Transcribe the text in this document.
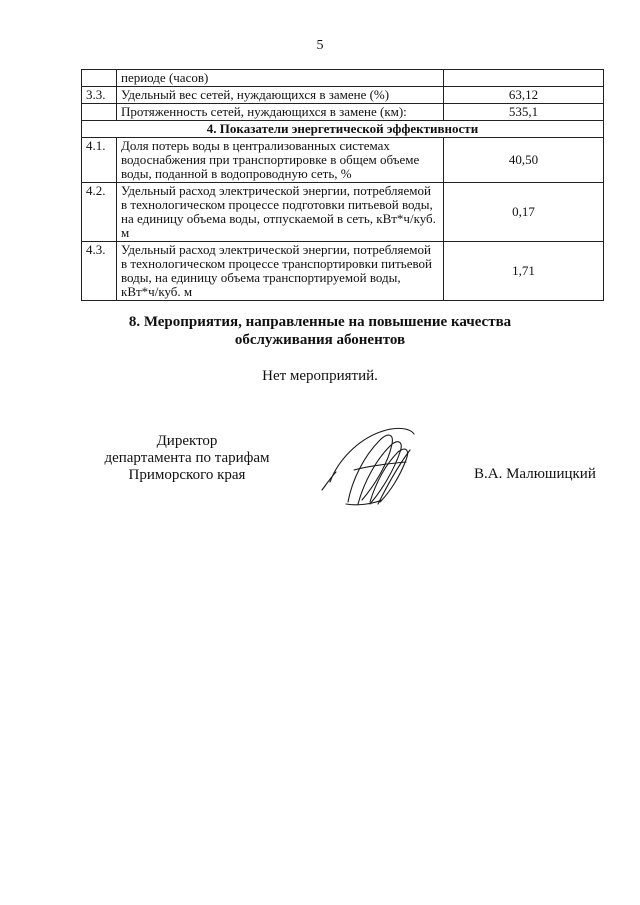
5
	периоде (часов)	
3.3.	Удельный вес сетей, нуждающихся в замене (%)	63,12
	Протяженность сетей, нуждающихся в замене (км):	535,1
4. Показатели энергетической эффективности		
4.1.	Доля потерь воды в централизованных системах водоснабжения при транспортировке в общем объеме воды, поданной в водопроводную сеть, %	40,50
4.2.	Удельный расход электрической энергии, потребляемой в технологическом процессе подготовки питьевой воды, на единицу объема воды, отпускаемой в сеть, кВт*ч/куб. м	0,17
4.3.	Удельный расход электрической энергии, потребляемой в технологическом процессе транспортировки питьевой воды, на единицу объема транспортируемой воды, кВт*ч/куб. м	1,71
8. Мероприятия, направленные на повышение качества
обслуживания абонентов
Нет мероприятий.
Директор
департамента по тарифам
Приморского края	В.А. Малюшицкий
